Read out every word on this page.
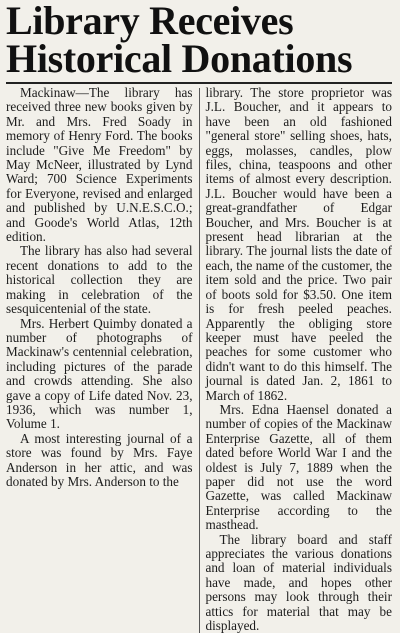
Library Receives
Historical Donations

Mackinaw—The library has received three new books given by Mr. and Mrs. Fred Soady in memory of Henry Ford. The books include "Give Me Freedom" by May McNeer, illustrated by Lynd Ward; 700 Science Experiments for Everyone, revised and enlarged and published by U.N.E.S.C.O.; and Goode's World Atlas, 12th edition.

The library has also had several recent donations to add to the historical collection they are making in celebration of the sesquicentenial of the state.

Mrs. Herbert Quimby donated a number of photographs of Mackinaw's centennial celebration, including pictures of the parade and crowds attending. She also gave a copy of Life dated Nov. 23, 1936, which was number 1, Volume 1.

A most interesting journal of a store was found by Mrs. Faye Anderson in her attic, and was donated by Mrs. Anderson to the

library. The store proprietor was J.L. Boucher, and it appears to have been an old fashioned "general store" selling shoes, hats, eggs, molasses, candles, plow files, china, teaspoons and other items of almost every description. J.L. Boucher would have been a great-grandfather of Edgar Boucher, and Mrs. Boucher is at present head librarian at the library. The journal lists the date of each, the name of the customer, the item sold and the price. Two pair of boots sold for $3.50. One item is for fresh peeled peaches. Apparently the obliging store keeper must have peeled the peaches for some customer who didn't want to do this himself. The journal is dated Jan. 2, 1861 to March of 1862.

Mrs. Edna Haensel donated a number of copies of the Mackinaw Enterprise Gazette, all of them dated before World War I and the oldest is July 7, 1889 when the paper did not use the word Gazette, was called Mackinaw Enterprise according to the masthead.

The library board and staff appreciates the various donations and loan of material individuals have made, and hopes other persons may look through their attics for material that may be displayed.
